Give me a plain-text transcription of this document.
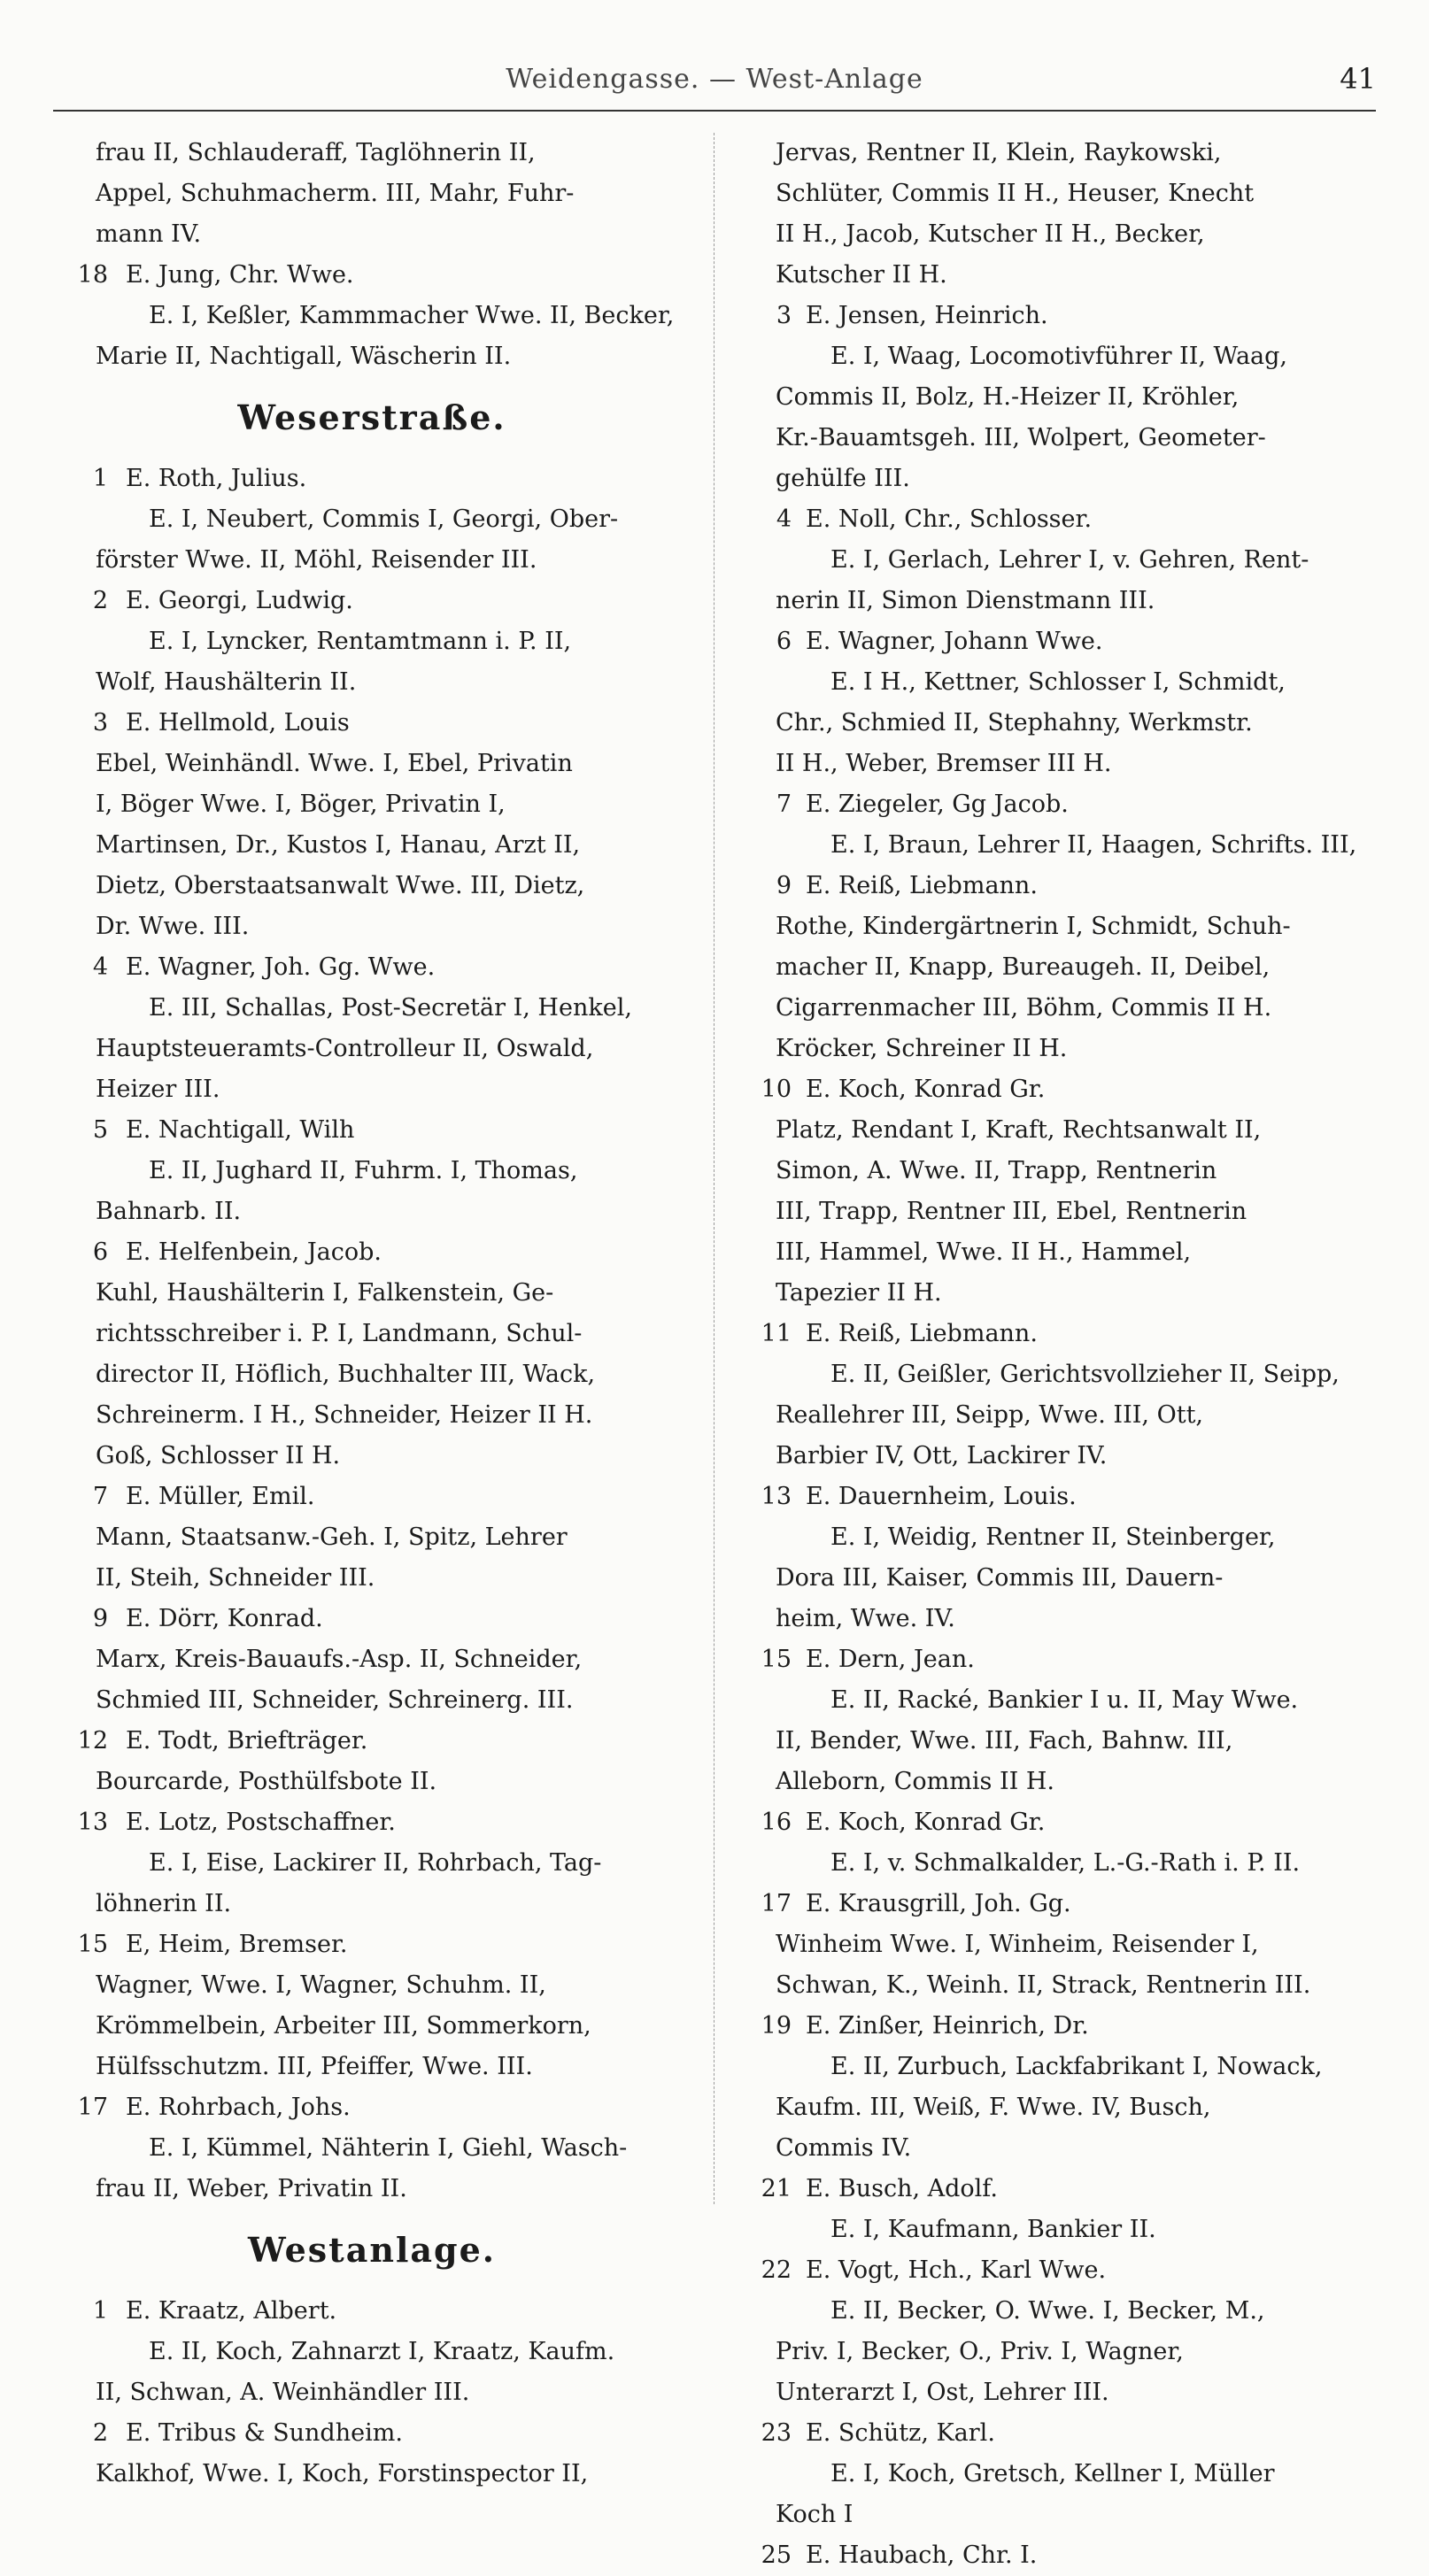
Weidengasse. — West-Anlage	41
frau II, Schlauderaff, Taglöhnerin II,
Appel, Schuhmacherm. III, Mahr, Fuhr-
mann IV.
18 E. Jung, Chr. Wwe.
E. I, Keßler, Kammmacher Wwe. II, Becker,
Marie II, Nachtigall, Wäscherin II.
Weserstraße.
1 E. Roth, Julius.
E. I, Neubert, Commis I, Georgi, Ober-
förster Wwe. II, Möhl, Reisender III.
2 E. Georgi, Ludwig.
E. I, Lyncker, Rentamtmann i. P. II,
Wolf, Haushälterin II.
3 E. Hellmold, Louis
Ebel, Weinhändl. Wwe. I, Ebel, Privatin
I, Böger Wwe. I, Böger, Privatin I,
Martinsen, Dr., Kustos I, Hanau, Arzt II,
Dietz, Oberstaatsanwalt Wwe. III, Dietz,
Dr. Wwe. III.
4 E. Wagner, Joh. Gg. Wwe.
E. III, Schallas, Post-Secretär I, Henkel,
Hauptsteueramts-Controlleur II, Oswald,
Heizer III.
5 E. Nachtigall, Wilh
E. II, Jughard II, Fuhrm. I, Thomas,
Bahnarb. II.
6 E. Helfenbein, Jacob.
Kuhl, Haushälterin I, Falkenstein, Ge-
richtsschreiber i. P. I, Landmann, Schul-
director II, Höflich, Buchhalter III, Wack,
Schreinerm. I H., Schneider, Heizer II H.
Goß, Schlosser II H.
7 E. Müller, Emil.
Mann, Staatsanw.-Geh. I, Spitz, Lehrer
II, Steih, Schneider III.
9 E. Dörr, Konrad.
Marx, Kreis-Bauaufs.-Asp. II, Schneider,
Schmied III, Schneider, Schreinerg. III.
12 E. Todt, Briefträger.
Bourcarde, Posthülfsbote II.
13 E. Lotz, Postschaffner.
E. I, Eise, Lackirer II, Rohrbach, Tag-
löhnerin II.
15 E, Heim, Bremser.
Wagner, Wwe. I, Wagner, Schuhm. II,
Krömmelbein, Arbeiter III, Sommerkorn,
Hülfsschutzm. III, Pfeiffer, Wwe. III.
17 E. Rohrbach, Johs.
E. I, Kümmel, Nähterin I, Giehl, Wasch-
frau II, Weber, Privatin II.
Westanlage.
1 E. Kraatz, Albert.
E. II, Koch, Zahnarzt I, Kraatz, Kaufm.
II, Schwan, A. Weinhändler III.
2 E. Tribus & Sundheim.
Kalkhof, Wwe. I, Koch, Forstinspector II,
Jervas, Rentner II, Klein, Raykowski,
Schlüter, Commis II H., Heuser, Knecht
II H., Jacob, Kutscher II H., Becker,
Kutscher II H.
3 E. Jensen, Heinrich.
E. I, Waag, Locomotivführer II, Waag,
Commis II, Bolz, H.-Heizer II, Kröhler,
Kr.-Bauamtsgeh. III, Wolpert, Geometer-
gehülfe III.
4 E. Noll, Chr., Schlosser.
E. I, Gerlach, Lehrer I, v. Gehren, Rent-
nerin II, Simon Dienstmann III.
6 E. Wagner, Johann Wwe.
E. I H., Kettner, Schlosser I, Schmidt,
Chr., Schmied II, Stephahny, Werkmstr.
II H., Weber, Bremser III H.
7 E. Ziegeler, Gg Jacob.
E. I, Braun, Lehrer II, Haagen, Schrifts. III,
9 E. Reiß, Liebmann.
Rothe, Kindergärtnerin I, Schmidt, Schuh-
macher II, Knapp, Bureaugeh. II, Deibel,
Cigarrenmacher III, Böhm, Commis II H.
Kröcker, Schreiner II H.
10 E. Koch, Konrad Gr.
Platz, Rendant I, Kraft, Rechtsanwalt II,
Simon, A. Wwe. II, Trapp, Rentnerin
III, Trapp, Rentner III, Ebel, Rentnerin
III, Hammel, Wwe. II H., Hammel,
Tapezier II H.
11 E. Reiß, Liebmann.
E. II, Geißler, Gerichtsvollzieher II, Seipp,
Reallehrer III, Seipp, Wwe. III, Ott,
Barbier IV, Ott, Lackirer IV.
13 E. Dauernheim, Louis.
E. I, Weidig, Rentner II, Steinberger,
Dora III, Kaiser, Commis III, Dauern-
heim, Wwe. IV.
15 E. Dern, Jean.
E. II, Racké, Bankier I u. II, May Wwe.
II, Bender, Wwe. III, Fach, Bahnw. III,
Alleborn, Commis II H.
16 E. Koch, Konrad Gr.
E. I, v. Schmalkalder, L.-G.-Rath i. P. II.
17 E. Krausgrill, Joh. Gg.
Winheim Wwe. I, Winheim, Reisender I,
Schwan, K., Weinh. II, Strack, Rentnerin III.
19 E. Zinßer, Heinrich, Dr.
E. II, Zurbuch, Lackfabrikant I, Nowack,
Kaufm. III, Weiß, F. Wwe. IV, Busch,
Commis IV.
21 E. Busch, Adolf.
E. I, Kaufmann, Bankier II.
22 E. Vogt, Hch., Karl Wwe.
E. II, Becker, O. Wwe. I, Becker, M.,
Priv. I, Becker, O., Priv. I, Wagner,
Unterarzt I, Ost, Lehrer III.
23 E. Schütz, Karl.
E. I, Koch, Gretsch, Kellner I, Müller
Koch I
25 E. Haubach, Chr. I.
